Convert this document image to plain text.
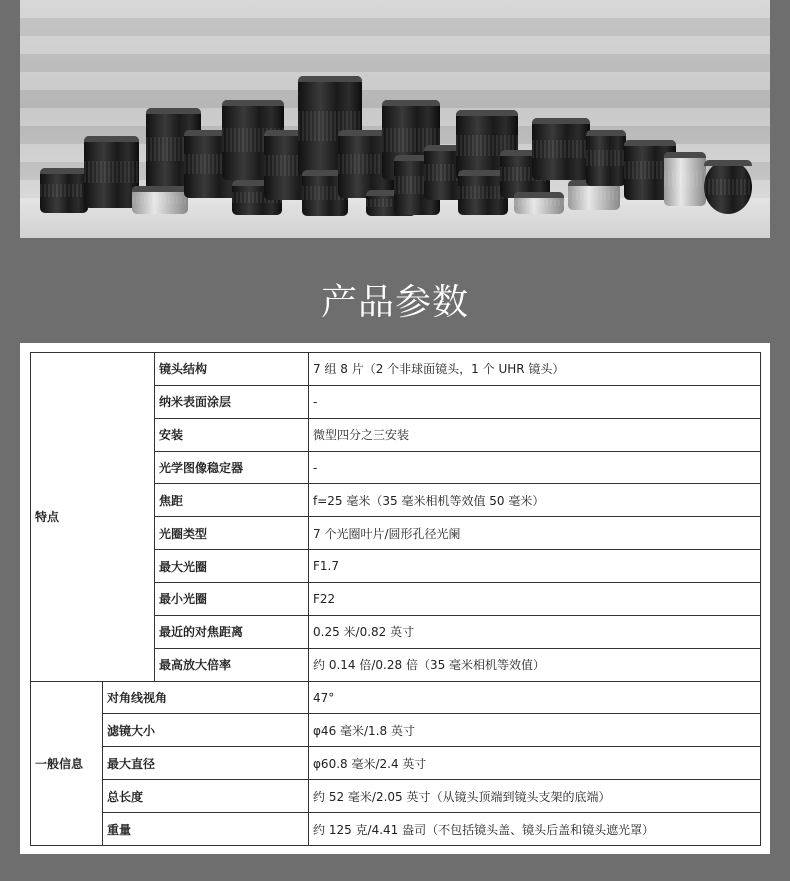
产品参数
特点		镜头结构	7 组 8 片（2 个非球面镜头，1 个 UHR 镜头）
		纳米表面涂层	-
		安装	微型四分之三安装
		光学图像稳定器	-
		焦距	f=25 毫米（35 毫米相机等效值 50 毫米）
		光圈类型	7 个光圈叶片/圆形孔径光阑
		最大光圈	F1.7
		最小光圈	F22
		最近的对焦距离	0.25 米/0.82 英寸
		最高放大倍率	约 0.14 倍/0.28 倍（35 毫米相机等效值）
一般信息	对角线视角		47°
	滤镜大小		φ46 毫米/1.8 英寸
	最大直径		φ60.8 毫米/2.4 英寸
	总长度		约 52 毫米/2.05 英寸（从镜头顶端到镜头支架的底端）
	重量		约 125 克/4.41 盎司（不包括镜头盖、镜头后盖和镜头遮光罩）
